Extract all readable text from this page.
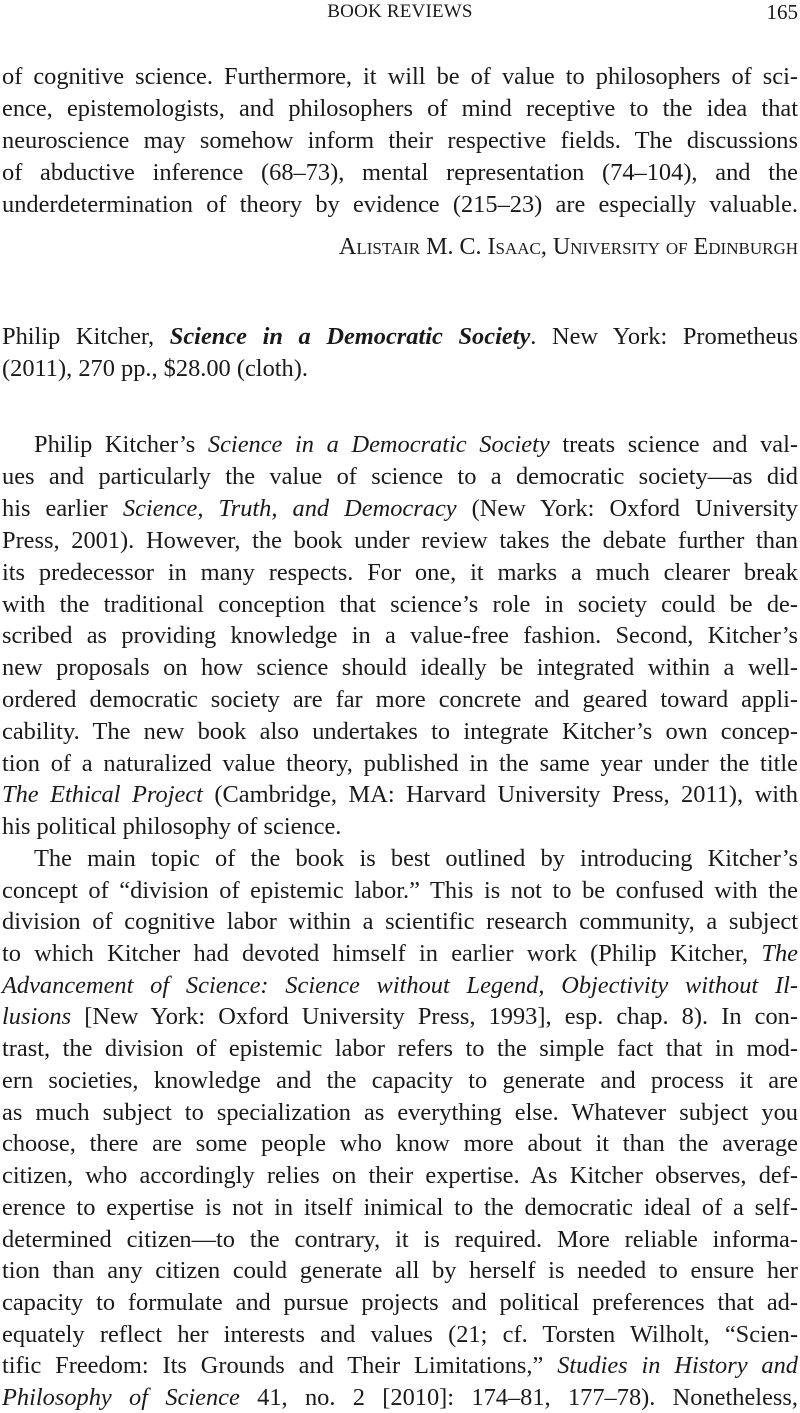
BOOK REVIEWS	165
of cognitive science. Furthermore, it will be of value to philosophers of sci-
ence, epistemologists, and philosophers of mind receptive to the idea that
neuroscience may somehow inform their respective fields. The discussions
of abductive inference (68–73), mental representation (74–104), and the
underdetermination of theory by evidence (215–23) are especially valuable.
Alistair M. C. Isaac, University of Edinburgh
Philip Kitcher, Science in a Democratic Society. New York: Prometheus
(2011), 270 pp., $28.00 (cloth).
Philip Kitcher’s Science in a Democratic Society treats science and val-
ues and particularly the value of science to a democratic society—as did
his earlier Science, Truth, and Democracy (New York: Oxford University
Press, 2001). However, the book under review takes the debate further than
its predecessor in many respects. For one, it marks a much clearer break
with the traditional conception that science’s role in society could be de-
scribed as providing knowledge in a value-free fashion. Second, Kitcher’s
new proposals on how science should ideally be integrated within a well-
ordered democratic society are far more concrete and geared toward appli-
cability. The new book also undertakes to integrate Kitcher’s own concep-
tion of a naturalized value theory, published in the same year under the title
The Ethical Project (Cambridge, MA: Harvard University Press, 2011), with
his political philosophy of science.
The main topic of the book is best outlined by introducing Kitcher’s
concept of “division of epistemic labor.” This is not to be confused with the
division of cognitive labor within a scientific research community, a subject
to which Kitcher had devoted himself in earlier work (Philip Kitcher, The
Advancement of Science: Science without Legend, Objectivity without Il-
lusions [New York: Oxford University Press, 1993], esp. chap. 8). In con-
trast, the division of epistemic labor refers to the simple fact that in mod-
ern societies, knowledge and the capacity to generate and process it are
as much subject to specialization as everything else. Whatever subject you
choose, there are some people who know more about it than the average
citizen, who accordingly relies on their expertise. As Kitcher observes, def-
erence to expertise is not in itself inimical to the democratic ideal of a self-
determined citizen—to the contrary, it is required. More reliable informa-
tion than any citizen could generate all by herself is needed to ensure her
capacity to formulate and pursue projects and political preferences that ad-
equately reflect her interests and values (21; cf. Torsten Wilholt, “Scien-
tific Freedom: Its Grounds and Their Limitations,” Studies in History and
Philosophy of Science 41, no. 2 [2010]: 174–81, 177–78). Nonetheless,
